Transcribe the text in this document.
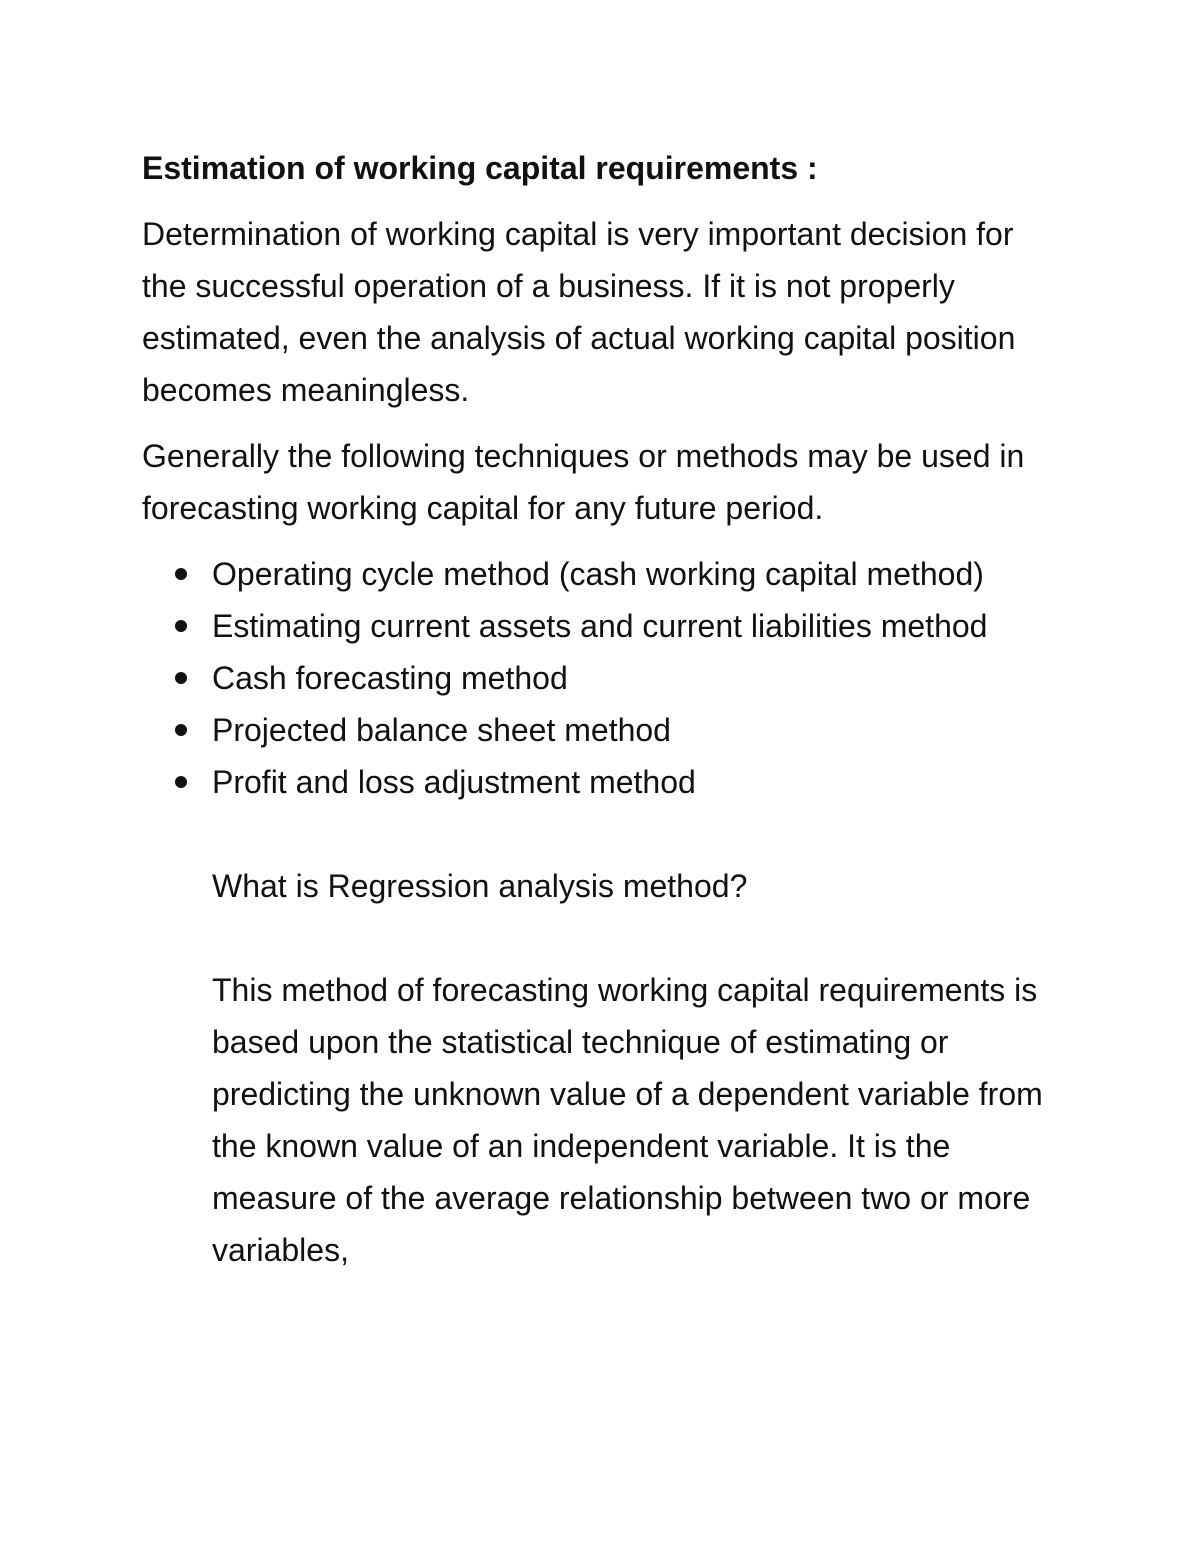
Estimation of working capital requirements :

Determination of working capital is very important decision for the successful operation of a business. If it is not properly estimated, even the analysis of actual working capital position becomes meaningless.

Generally the following techniques or methods may be used in forecasting working capital for any future period.

Operating cycle method (cash working capital method)
Estimating current assets and current liabilities method
Cash forecasting method
Projected balance sheet method
Profit and loss adjustment method

What is Regression analysis method?

This method of forecasting working capital requirements is based upon the statistical technique of estimating or predicting the unknown value of a dependent variable from the known value of an independent variable. It is the measure of the average relationship between two or more variables,
